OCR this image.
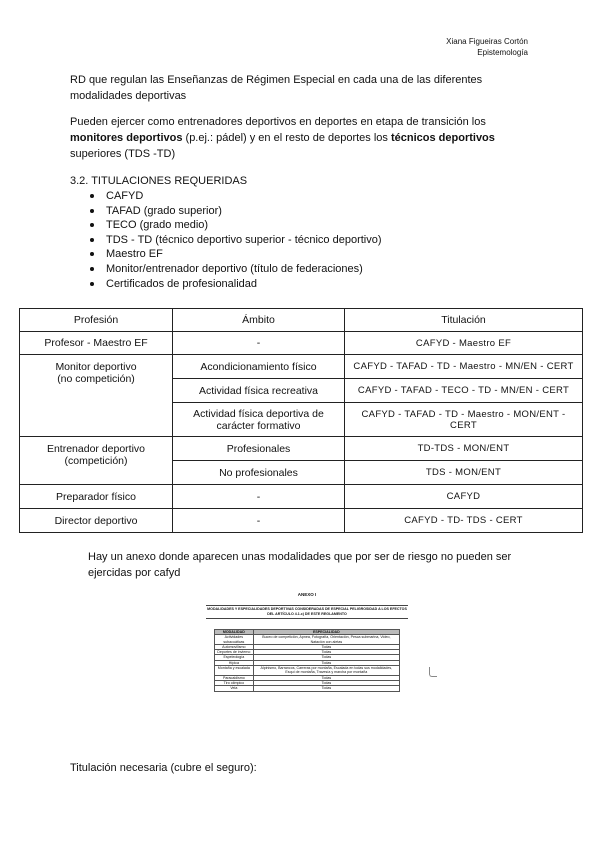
Xiana Figueiras Cortón
Epistemología

RD que regulan las Enseñanzas de Régimen Especial en cada una de las diferentes modalidades deportivas

Pueden ejercer como entrenadores deportivos en deportes en etapa de transición los monitores deportivos (p.ej.: pádel) y en el resto de deportes los técnicos deportivos superiores (TDS -TD)

3.2. TITULACIONES REQUERIDAS

CAFYD
TAFAD (grado superior)
TECO (grado medio)
TDS - TD (técnico deportivo superior - técnico deportivo)
Maestro EF
Monitor/entrenador deportivo (título de federaciones)
Certificados de profesionalidad
Profesión	Ámbito	Titulación
Profesor - Maestro EF	-	CAFYD - Maestro EF

Monitor deportivo
(no competición)	Acondicionamiento físico	CAFYD - TAFAD - TD - Maestro - MN/EN - CERT
	Actividad física recreativa	CAFYD - TAFAD - TECO - TD - MN/EN - CERT
	Actividad física deportiva de carácter formativo	CAFYD - TAFAD - TD - Maestro - MON/ENT - CERT

Entrenador deportivo
(competición)	Profesionales	TD-TDS - MON/ENT
	No profesionales	TDS - MON/ENT
Preparador físico	-	CAFYD
Director deportivo	-	CAFYD - TD- TDS - CERT

Hay un anexo donde aparecen unas modalidades que por ser de riesgo no pueden ser ejercidas por cafyd

ANEXO I
MODALIDADES Y ESPECIALIDADES DEPORTIVAS CONSIDERADAS DE ESPECIAL PELIGROSIDAD A LOS EFECTOS DEL ARTÍCULO 4.1.c) DE ESTE REGLAMENTO
MODALIDAD	ESPECIALIDAD
Actividades subacuáticas	Buceo de competición, Apnea, Fotografía, Orientación, Pesca submarina, Video, Natación con aletas
Automovilismo	Todas
Deportes de invierno	Todas
Espeleología	Todas
Hípica	Todas
Montaña y escalada	Alpinismo, Barrancos, Carreras por montaña, Escalada en todas sus modalidades, Esquí de montaña, Travesía y marcha por montaña
Paracaidismo	Todas
Tiro olímpico	Todas
Vela	Todas

Titulación necesaria (cubre el seguro):
